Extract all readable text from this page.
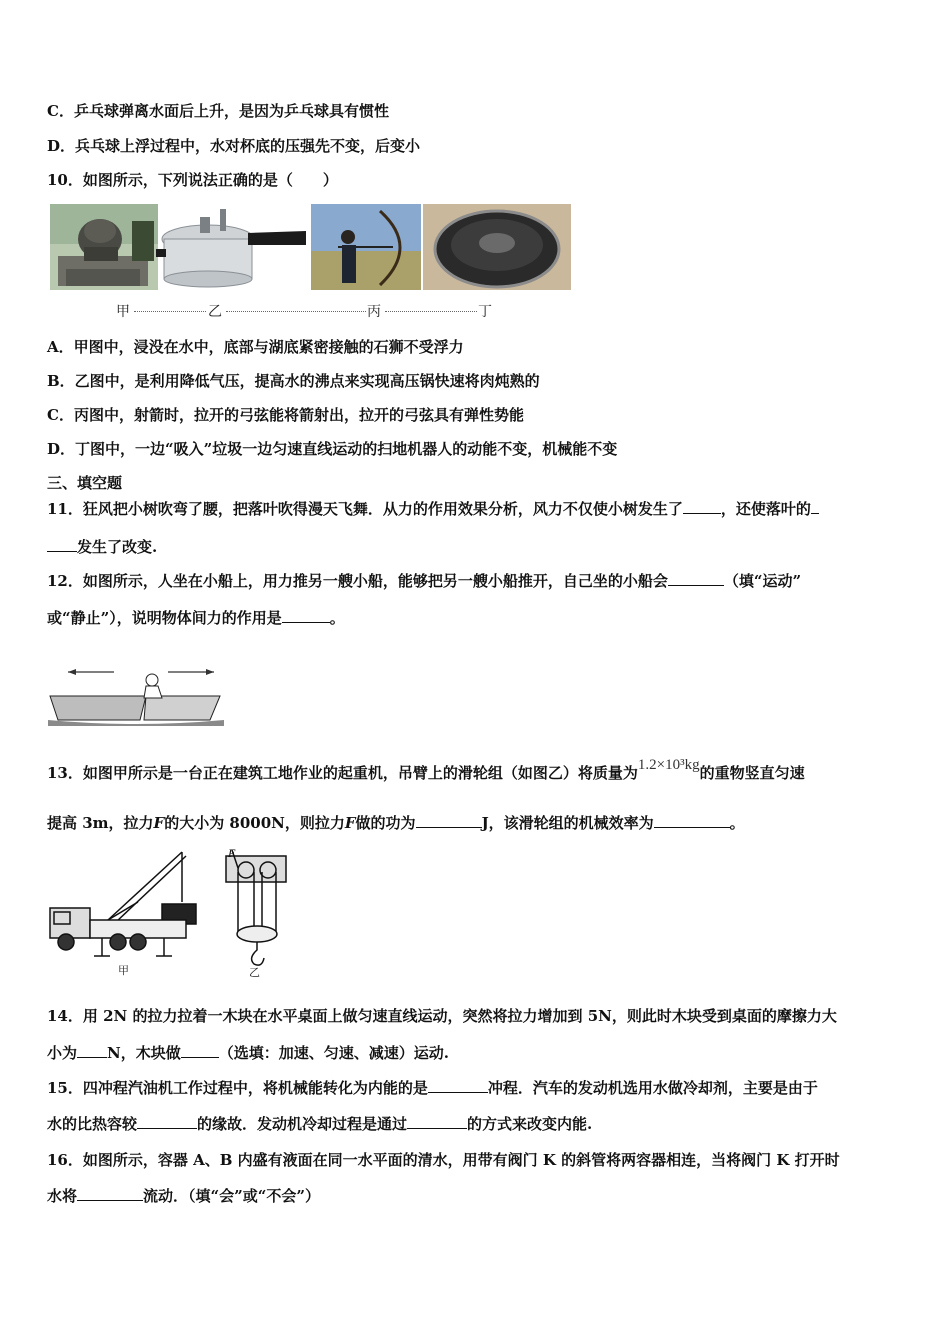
C．乒乓球弹离水面后上升，是因为乒乓球具有惯性
D．兵乓球上浮过程中，水对杯底的压强先不变，后变小
10．如图所示，下列说法正确的是（　　）
甲	乙	丙	丁
A．甲图中，浸没在水中，底部与湖底紧密接触的石狮不受浮力
B．乙图中，是利用降低气压，提高水的沸点来实现高压锅快速将肉炖熟的
C．丙图中，射箭时，拉开的弓弦能将箭射出，拉开的弓弦具有弹性势能
D．丁图中，一边“吸入”垃圾一边匀速直线运动的扫地机器人的动能不变，机械能不变
三、填空题
11．狂风把小树吹弯了腰，把落叶吹得漫天飞舞．从力的作用效果分析，风力不仅使小树发生了	，还使落叶的
发生了改变.
12．如图所示，人坐在小船上，用力推另一艘小船，能够把另一艘小船推开，自己坐的小船会	（填“运动”
或“静止”），说明物体间力的作用是	。
13．如图甲所示是一台正在建筑工地作业的起重机，吊臂上的滑轮组（如图乙）将质量为1.2×10³kg的重物竖直匀速
提高 3m，拉力F的大小为 8000N，则拉力F做的功为	J，该滑轮组的机械效率为	。
F
甲	乙
14．用 2N 的拉力拉着一木块在水平桌面上做匀速直线运动，突然将拉力增加到 5N，则此时木块受到桌面的摩擦力大
小为 N，木块做	（选填：加速、匀速、减速）运动.
15．四冲程汽油机工作过程中，将机械能转化为内能的是	冲程．汽车的发动机选用水做冷却剂，主要是由于
水的比热容较	的缘故．发动机冷却过程是通过	的方式来改变内能.
16．如图所示，容器 A、B 内盛有液面在同一水平面的清水，用带有阀门 K 的斜管将两容器相连，当将阀门 K 打开时
水将	流动．（填“会”或“不会”）
